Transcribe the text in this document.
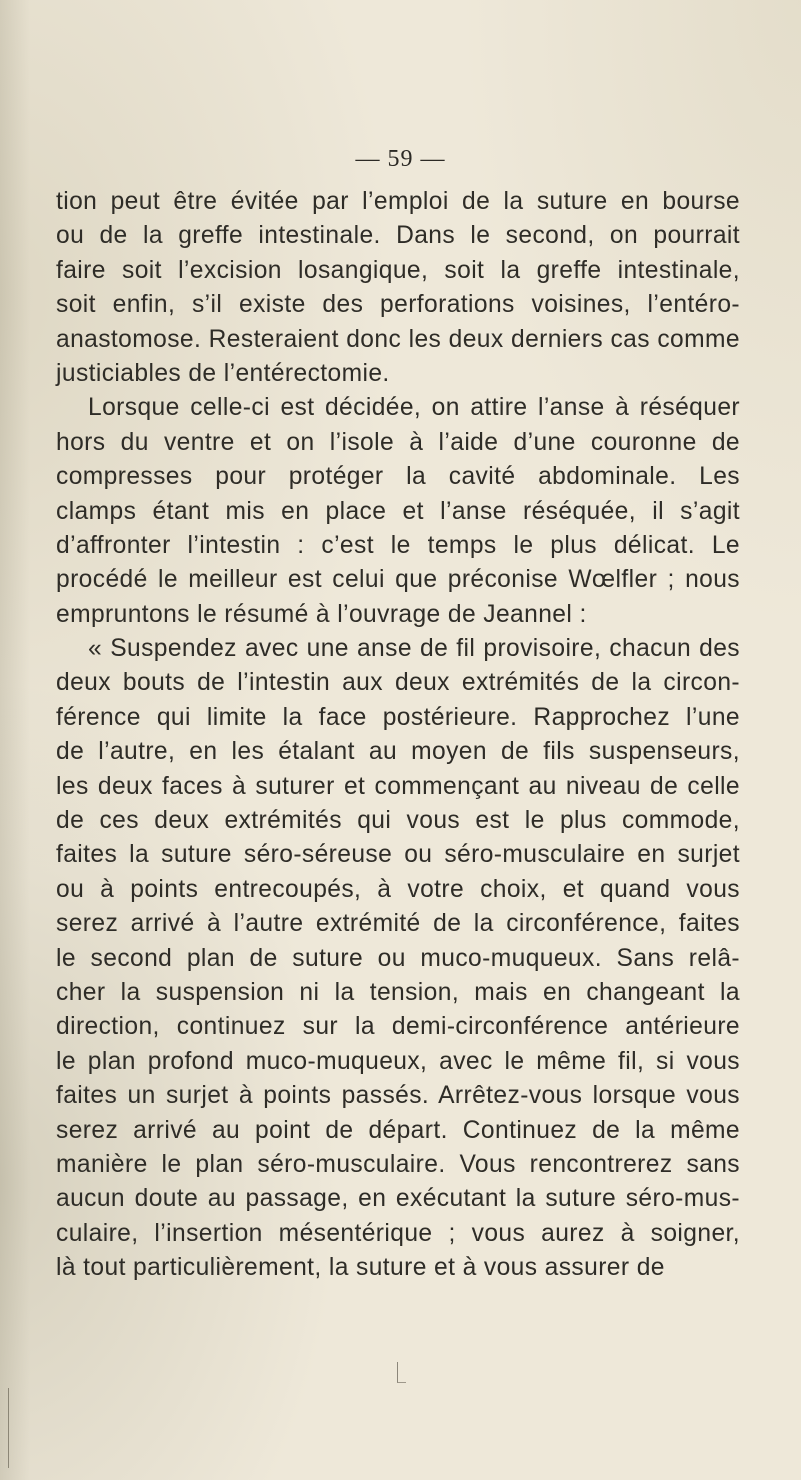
— 59 —
tion peut être évitée par l’emploi de la suture en bourse
ou de la greffe intestinale. Dans le second, on pourrait
faire soit l’excision losangique, soit la greffe intestinale,
soit enfin, s’il existe des perforations voisines, l’entéro-
anastomose. Resteraient donc les deux derniers cas comme
justiciables de l’entérectomie.
Lorsque celle-ci est décidée, on attire l’anse à réséquer
hors du ventre et on l’isole à l’aide d’une couronne de
compresses pour protéger la cavité abdominale. Les
clamps étant mis en place et l’anse réséquée, il s’agit
d’affronter l’intestin : c’est le temps le plus délicat. Le
procédé le meilleur est celui que préconise Wœlfler ; nous
empruntons le résumé à l’ouvrage de Jeannel :
« Suspendez avec une anse de fil provisoire, chacun des
deux bouts de l’intestin aux deux extrémités de la circon-
férence qui limite la face postérieure. Rapprochez l’une
de l’autre, en les étalant au moyen de fils suspenseurs,
les deux faces à suturer et commençant au niveau de celle
de ces deux extrémités qui vous est le plus commode,
faites la suture séro-séreuse ou séro-musculaire en surjet
ou à points entrecoupés, à votre choix, et quand vous
serez arrivé à l’autre extrémité de la circonférence, faites
le second plan de suture ou muco-muqueux. Sans relâ-
cher la suspension ni la tension, mais en changeant la
direction, continuez sur la demi-circonférence antérieure
le plan profond muco-muqueux, avec le même fil, si vous
faites un surjet à points passés. Arrêtez-vous lorsque vous
serez arrivé au point de départ. Continuez de la même
manière le plan séro-musculaire. Vous rencontrerez sans
aucun doute au passage, en exécutant la suture séro-mus-
culaire, l’insertion mésentérique ; vous aurez à soigner,
là tout particulièrement, la suture et à vous assurer de
